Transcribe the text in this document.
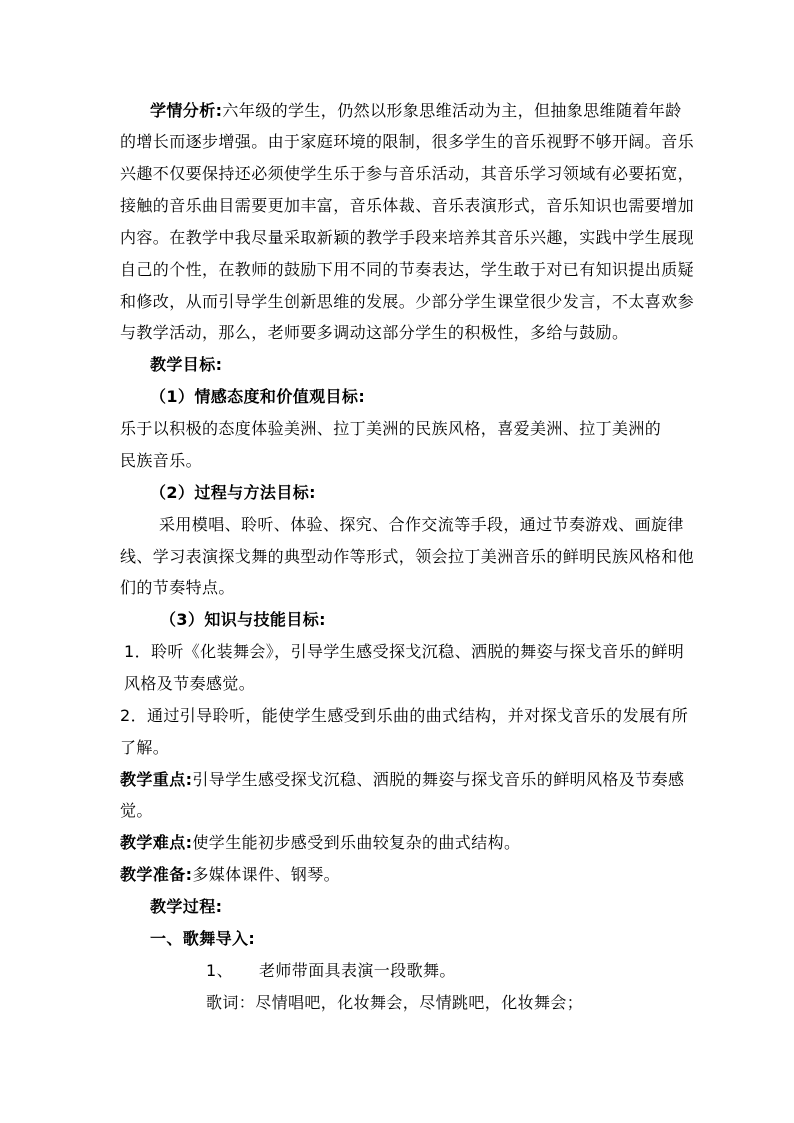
学情分析:六年级的学生，仍然以形象思维活动为主，但抽象思维随着年龄
的增长而逐步增强。由于家庭环境的限制，很多学生的音乐视野不够开阔。音乐
兴趣不仅要保持还必须使学生乐于参与音乐活动，其音乐学习领域有必要拓宽，
接触的音乐曲目需要更加丰富，音乐体裁、音乐表演形式，音乐知识也需要增加
内容。在教学中我尽量采取新颖的教学手段来培养其音乐兴趣，实践中学生展现
自己的个性，在教师的鼓励下用不同的节奏表达，学生敢于对已有知识提出质疑
和修改，从而引导学生创新思维的发展。少部分学生课堂很少发言，不太喜欢参
与教学活动，那么，老师要多调动这部分学生的积极性，多给与鼓励。
教学目标:
（1）情感态度和价值观目标:
乐于以积极的态度体验美洲、拉丁美洲的民族风格，喜爱美洲、拉丁美洲的
民族音乐。
（2）过程与方法目标:
采用模唱、聆听、体验、探究、合作交流等手段，通过节奏游戏、画旋律
线、学习表演探戈舞的典型动作等形式，领会拉丁美洲音乐的鲜明民族风格和他
们的节奏特点。
（3）知识与技能目标:
1．聆听《化装舞会》，引导学生感受探戈沉稳、洒脱的舞姿与探戈音乐的鲜明
风格及节奏感觉。
2．通过引导聆听，能使学生感受到乐曲的曲式结构，并对探戈音乐的发展有所
了解。
教学重点:引导学生感受探戈沉稳、洒脱的舞姿与探戈音乐的鲜明风格及节奏感
觉。
教学难点:使学生能初步感受到乐曲较复杂的曲式结构。
教学准备:多媒体课件、钢琴。
教学过程:
一、歌舞导入:
1、 老师带面具表演一段歌舞。
歌词：尽情唱吧，化妆舞会，尽情跳吧，化妆舞会；
